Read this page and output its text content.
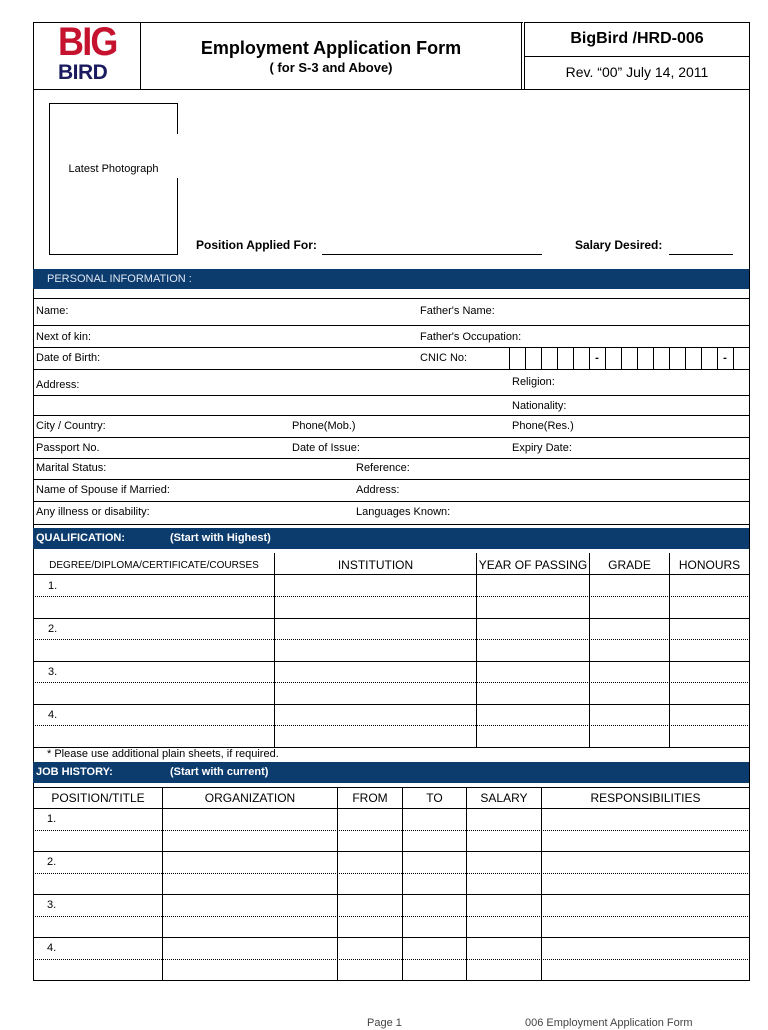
BIG
BIRD
Employment Application Form
( for S-3 and Above)
BigBird /HRD-006
Rev. “00” July 14, 2011
Latest Photograph
Position Applied For:	Salary Desired:
PERSONAL INFORMATION :
Name:	Father's Name:
Next of kin:	Father's Occupation:
Date of Birth:	CNIC No:	-	-
Address:	Religion:
Nationality:
City / Country:	Phone(Mob.)	Phone(Res.)
Passport No.	Date of Issue:	Expiry Date:
Marital Status:	Reference:
Name of Spouse if Married:	Address:
Any illness or disability:	Languages Known:
QUALIFICATION:	(Start with Highest)
DEGREE/DIPLOMA/CERTIFICATE/COURSES	INSTITUTION	YEAR OF PASSING	GRADE	HONOURS
1.
2.
3.
4.
* Please use additional plain sheets, if required.
JOB HISTORY:	(Start with current)
POSITION/TITLE	ORGANIZATION	FROM	TO	SALARY	RESPONSIBILITIES
1.
2.
3.
4.
Page 1	006 Employment Application Form
